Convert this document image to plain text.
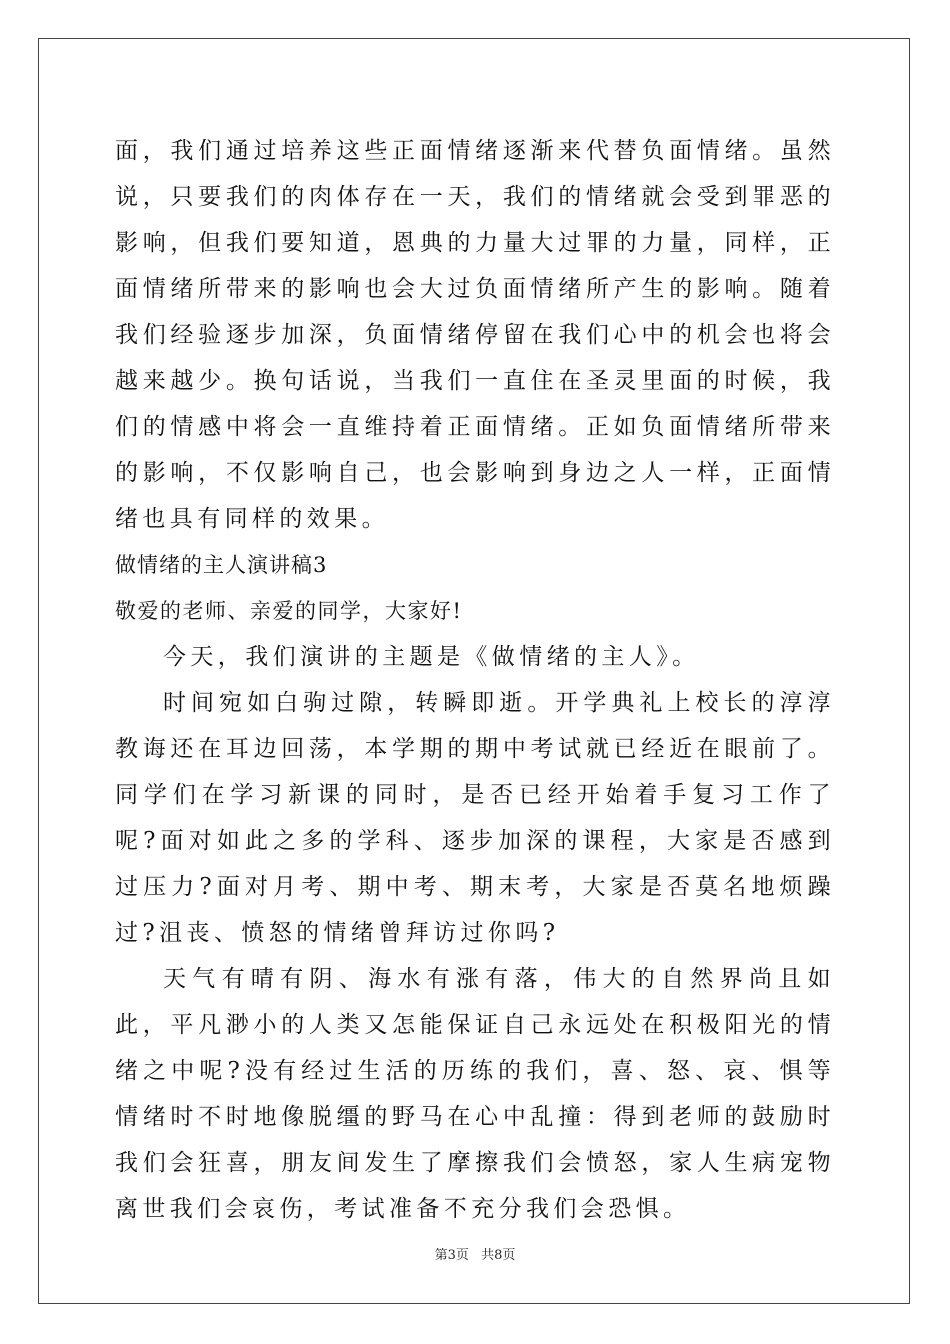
面，我们通过培养这些正面情绪逐渐来代替负面情绪。虽然说，只要我们的肉体存在一天，我们的情绪就会受到罪恶的影响，但我们要知道，恩典的力量大过罪的力量，同样，正面情绪所带来的影响也会大过负面情绪所产生的影响。随着我们经验逐步加深，负面情绪停留在我们心中的机会也将会越来越少。换句话说，当我们一直住在圣灵里面的时候，我们的情感中将会一直维持着正面情绪。正如负面情绪所带来的影响，不仅影响自己，也会影响到身边之人一样，正面情绪也具有同样的效果。

做情绪的主人演讲稿3

敬爱的老师、亲爱的同学，大家好!

今天，我们演讲的主题是《做情绪的主人》。

时间宛如白驹过隙，转瞬即逝。开学典礼上校长的淳淳教诲还在耳边回荡，本学期的期中考试就已经近在眼前了。同学们在学习新课的同时，是否已经开始着手复习工作了呢?面对如此之多的学科、逐步加深的课程，大家是否感到过压力?面对月考、期中考、期末考，大家是否莫名地烦躁过?沮丧、愤怒的情绪曾拜访过你吗?

天气有晴有阴、海水有涨有落，伟大的自然界尚且如此，平凡渺小的人类又怎能保证自己永远处在积极阳光的情绪之中呢?没有经过生活的历练的我们，喜、怒、哀、惧等情绪时不时地像脱缰的野马在心中乱撞：得到老师的鼓励时我们会狂喜，朋友间发生了摩擦我们会愤怒，家人生病宠物离世我们会哀伤，考试准备不充分我们会恐惧。

第3页 共8页
